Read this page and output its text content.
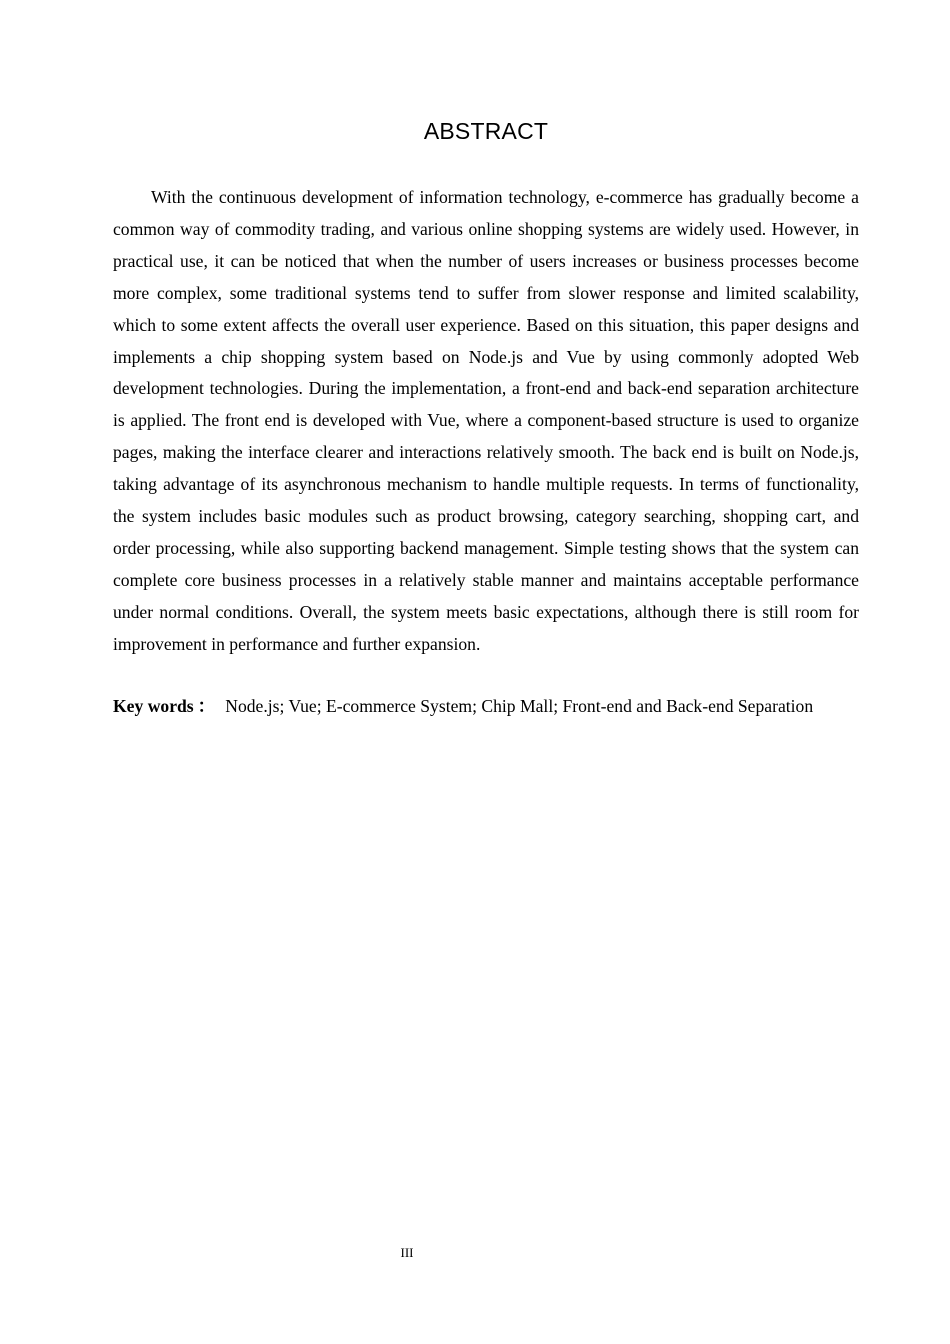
ABSTRACT

With the continuous development of information technology, e-commerce has gradually become a common way of commodity trading, and various online shopping systems are widely used. However, in practical use, it can be noticed that when the number of users increases or business processes become more complex, some traditional systems tend to suffer from slower response and limited scalability, which to some extent affects the overall user experience. Based on this situation, this paper designs and implements a chip shopping system based on Node.js and Vue by using commonly adopted Web development technologies. During the implementation, a front-end and back-end separation architecture is applied. The front end is developed with Vue, where a component-based structure is used to organize pages, making the interface clearer and interactions relatively smooth. The back end is built on Node.js, taking advantage of its asynchronous mechanism to handle multiple requests. In terms of functionality, the system includes basic modules such as product browsing, category searching, shopping cart, and order processing, while also supporting backend management. Simple testing shows that the system can complete core business processes in a relatively stable manner and maintains acceptable performance under normal conditions. Overall, the system meets basic expectations, although there is still room for improvement in performance and further expansion.

Key words ： Node.js; Vue; E-commerce System; Chip Mall; Front-end and Back-end Separation

III
